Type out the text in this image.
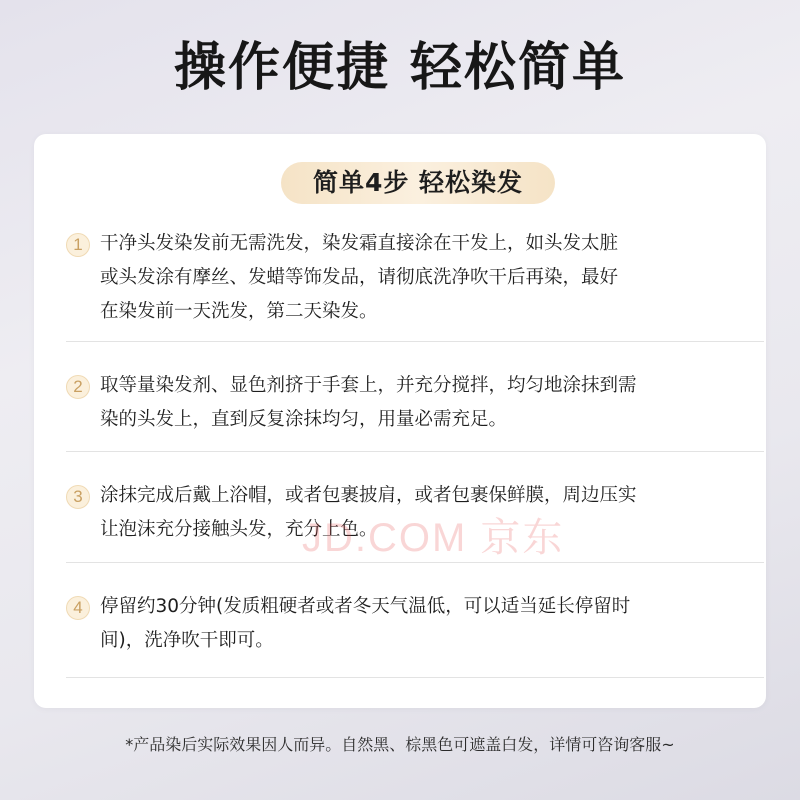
操作便捷 轻松简单
简单4步 轻松染发
1 干净头发染发前无需洗发，染发霜直接涂在干发上，如头发太脏
或头发涂有摩丝、发蜡等饰发品，请彻底洗净吹干后再染，最好
在染发前一天洗发，第二天染发。
2 取等量染发剂、显色剂挤于手套上，并充分搅拌，均匀地涂抹到需
染的头发上，直到反复涂抹均匀，用量必需充足。
3 涂抹完成后戴上浴帽，或者包裹披肩，或者包裹保鲜膜，周边压实
让泡沫充分接触头发，充分上色。
4 停留约30分钟(发质粗硬者或者冬天气温低，可以适当延长停留时
间)，洗净吹干即可。
JD.COM 京东
*产品染后实际效果因人而异。自然黑、棕黑色可遮盖白发，详情可咨询客服~
